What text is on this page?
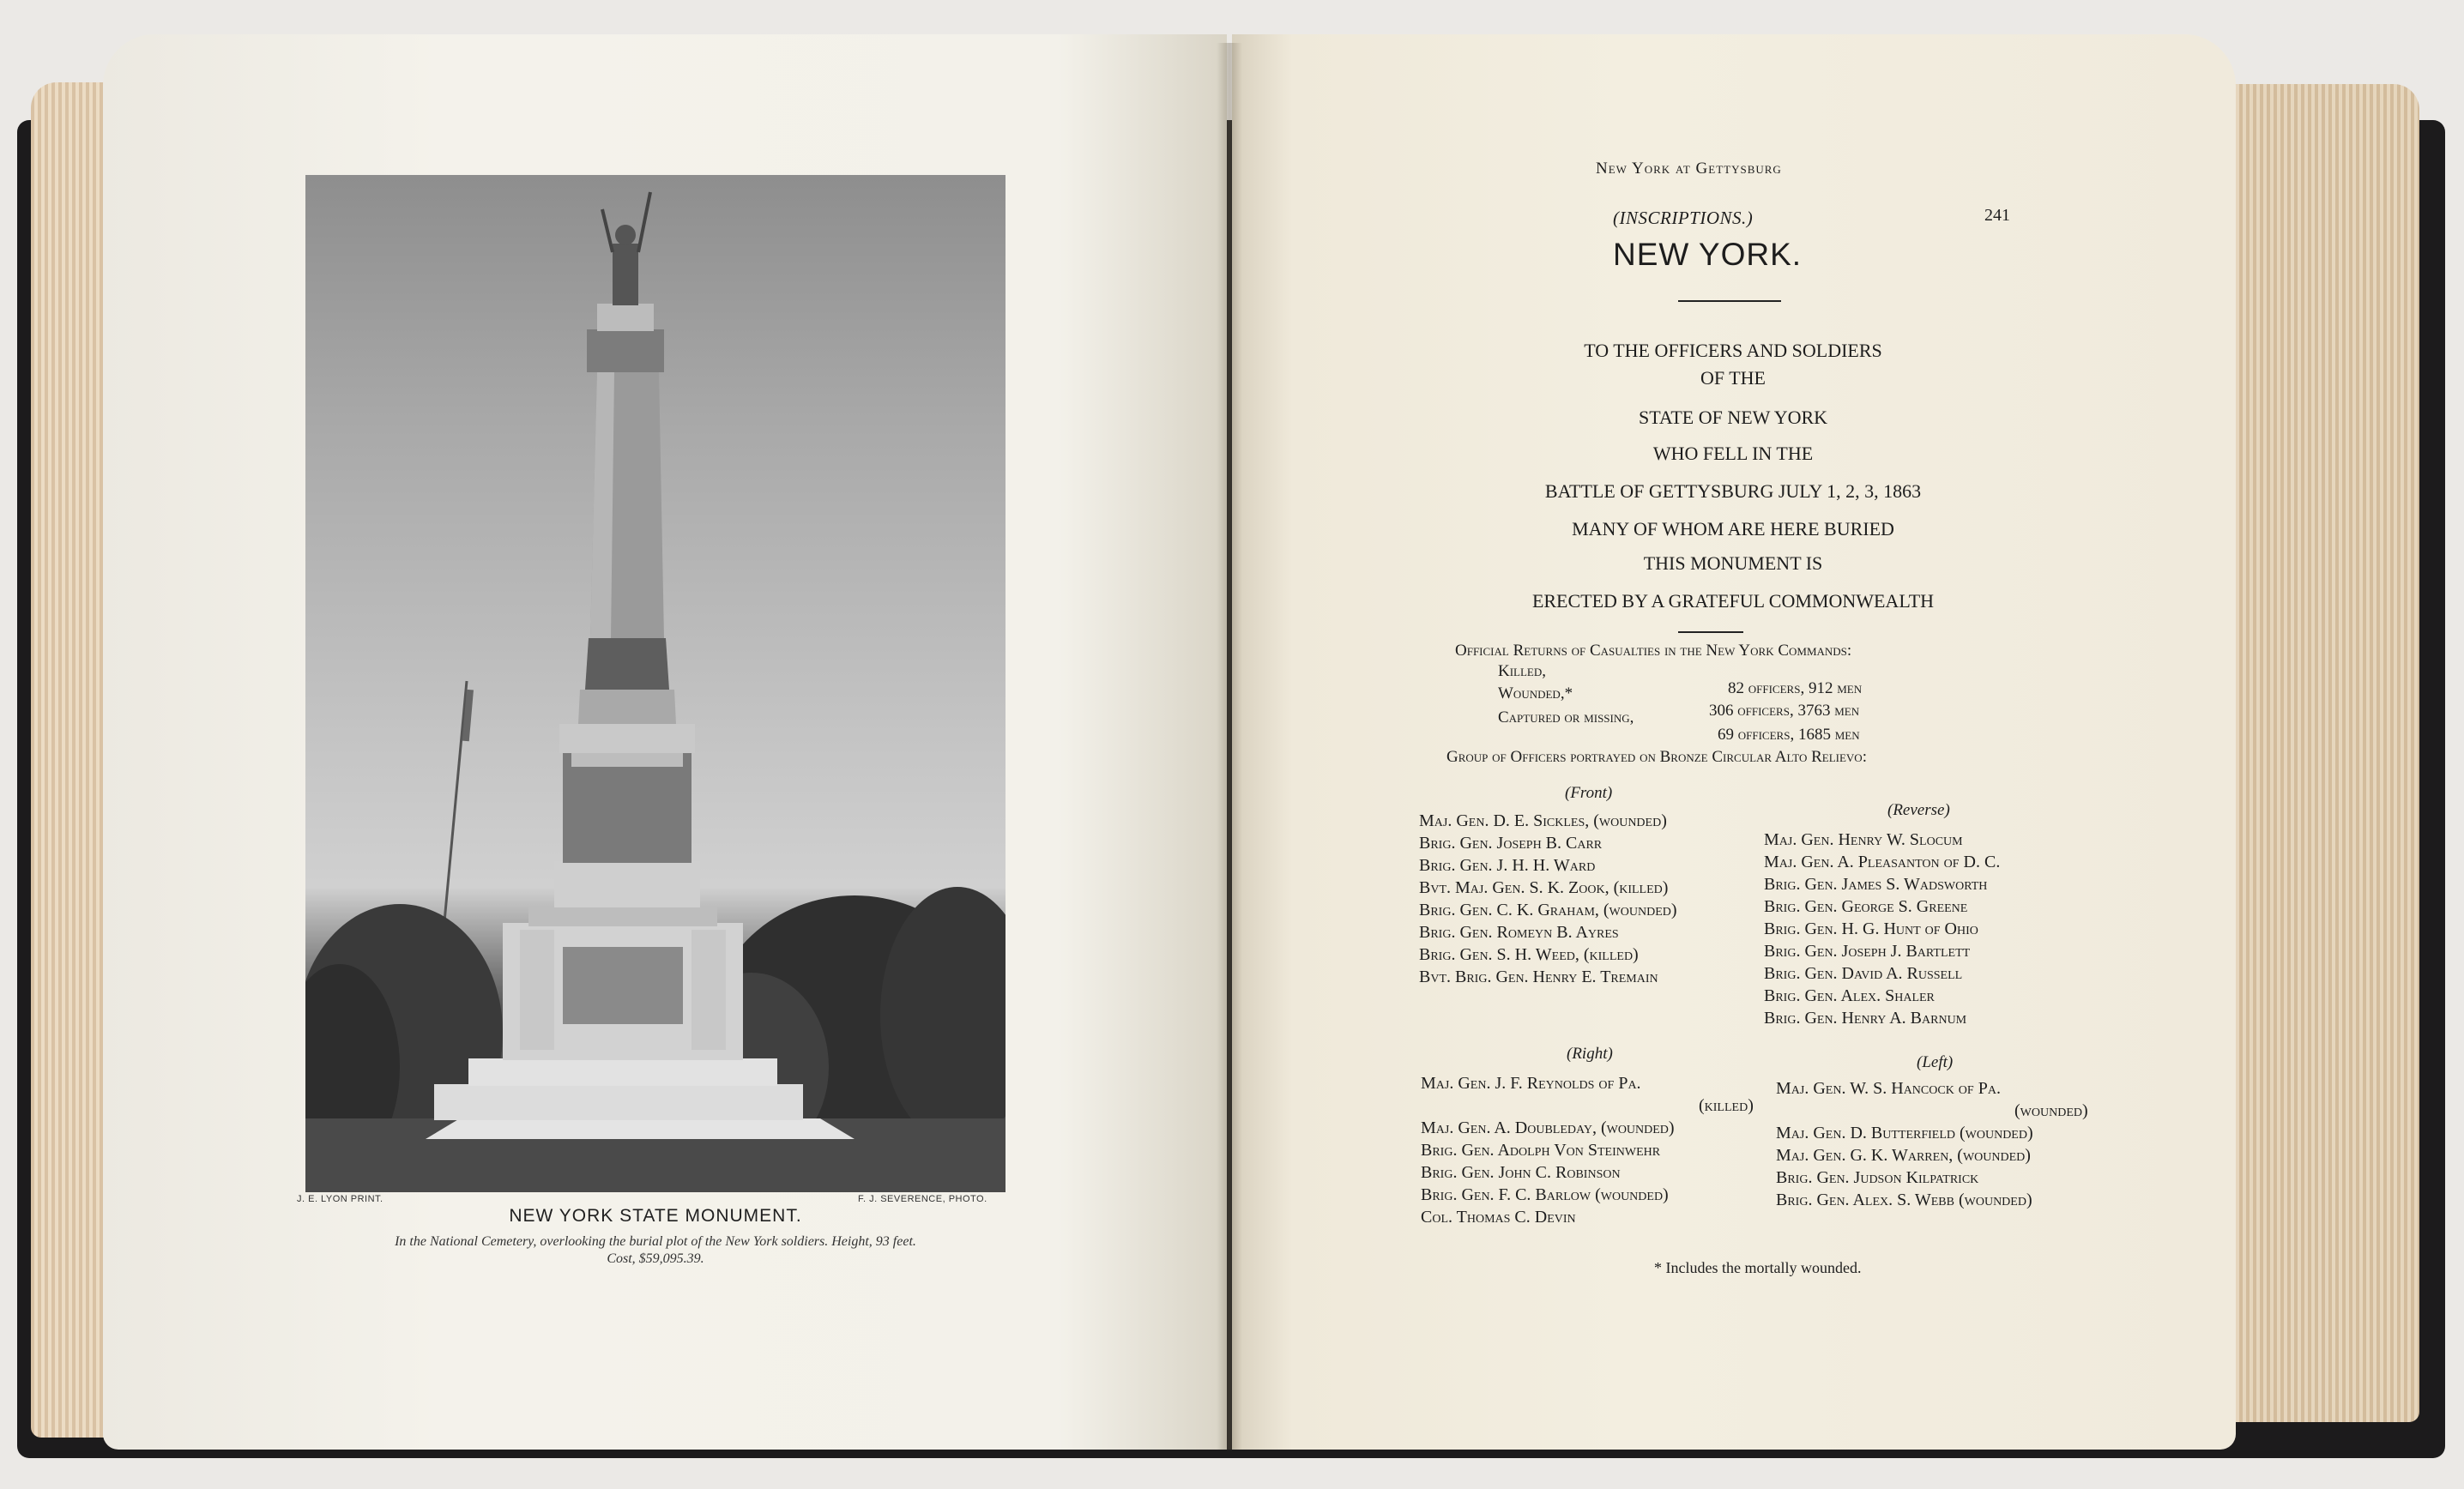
J. E. LYON PRINT.	F. J. SEVERENCE, PHOTO.
NEW YORK STATE MONUMENT.
In the National Cemetery, overlooking the burial plot of the New York soldiers. Height, 93 feet.
Cost, $59,095.39.
New York at Gettysburg
241
(INSCRIPTIONS.)
NEW YORK.
TO THE OFFICERS AND SOLDIERS
OF THE
STATE OF NEW YORK
WHO FELL IN THE
BATTLE OF GETTYSBURG JULY 1, 2, 3, 1863
MANY OF WHOM ARE HERE BURIED
THIS MONUMENT IS
ERECTED BY A GRATEFUL COMMONWEALTH
Official Returns of Casualties in the New York Commands:
Killed,
82 officers, 912 men
Wounded,*
306 officers, 3763 men
Captured or missing,
69 officers, 1685 men
Group of Officers portrayed on Bronze Circular Alto Relievo:
(Front)
(Reverse)
Maj. Gen. D. E. Sickles, (wounded)
Brig. Gen. Joseph B. Carr
Brig. Gen. J. H. H. Ward
Bvt. Maj. Gen. S. K. Zook, (killed)
Brig. Gen. C. K. Graham, (wounded)
Brig. Gen. Romeyn B. Ayres
Brig. Gen. S. H. Weed, (killed)
Bvt. Brig. Gen. Henry E. Tremain
Maj. Gen. Henry W. Slocum
Maj. Gen. A. Pleasanton of D. C.
Brig. Gen. James S. Wadsworth
Brig. Gen. George S. Greene
Brig. Gen. H. G. Hunt of Ohio
Brig. Gen. Joseph J. Bartlett
Brig. Gen. David A. Russell
Brig. Gen. Alex. Shaler
Brig. Gen. Henry A. Barnum
(Right)	(Left)
Maj. Gen. J. F. Reynolds of Pa.
(killed)
Maj. Gen. A. Doubleday, (wounded)
Brig. Gen. Adolph Von Steinwehr
Brig. Gen. John C. Robinson
Brig. Gen. F. C. Barlow (wounded)
Col. Thomas C. Devin
Maj. Gen. W. S. Hancock of Pa.
(wounded)
Maj. Gen. D. Butterfield (wounded)
Maj. Gen. G. K. Warren, (wounded)
Brig. Gen. Judson Kilpatrick
Brig. Gen. Alex. S. Webb (wounded)
* Includes the mortally wounded.
